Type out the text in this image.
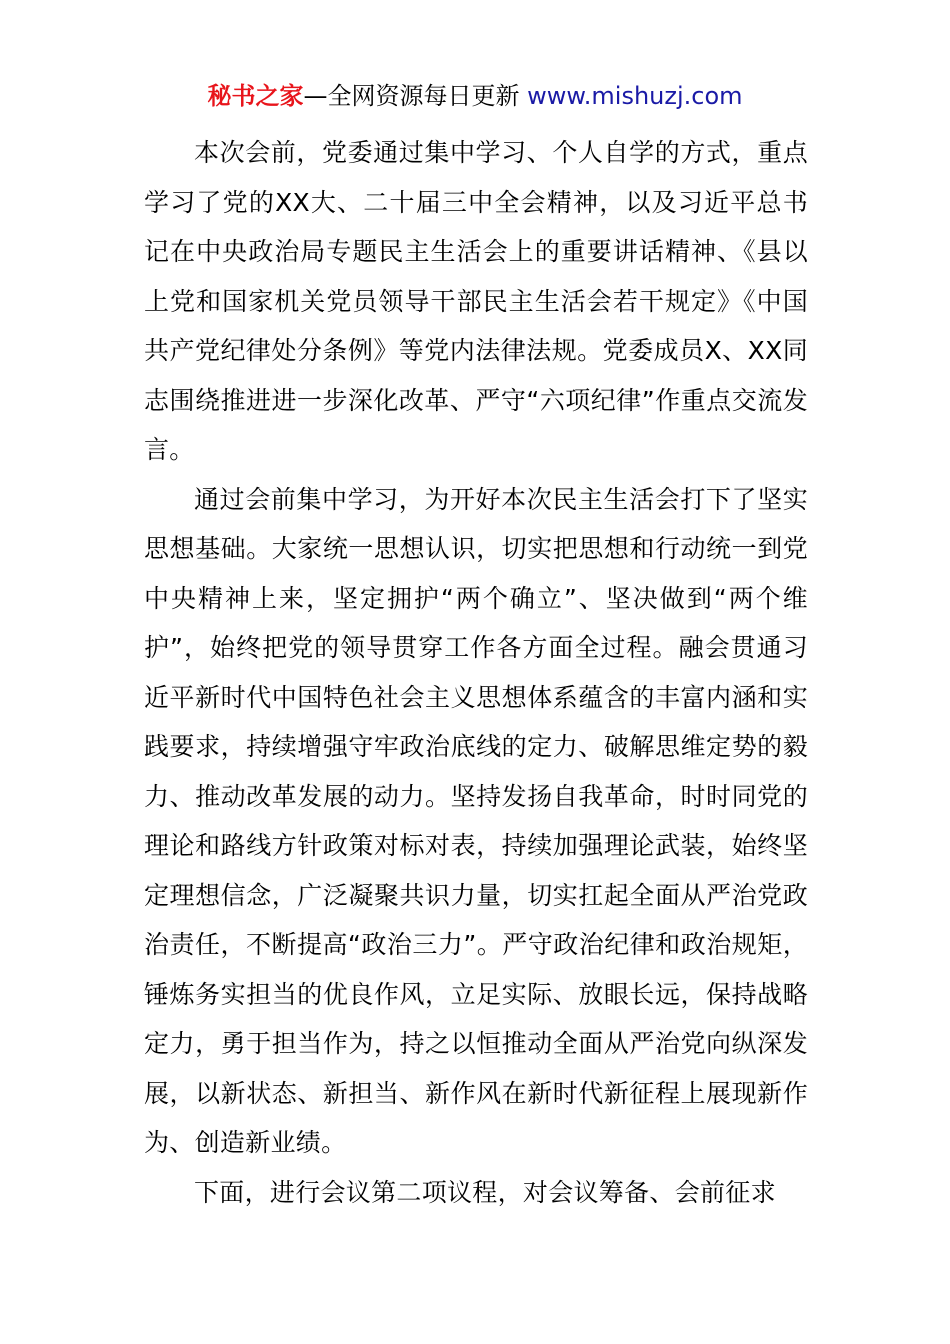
秘书之家—全网资源每日更新 www.mishuzj.com

本次会前，党委通过集中学习、个人自学的方式，重点学习了党的XX大、二十届三中全会精神，以及习近平总书记在中央政治局专题民主生活会上的重要讲话精神、《县以上党和国家机关党员领导干部民主生活会若干规定》《中国共产党纪律处分条例》等党内法律法规。党委成员X、XX同志围绕推进进一步深化改革、严守“六项纪律”作重点交流发言。

通过会前集中学习，为开好本次民主生活会打下了坚实思想基础。大家统一思想认识，切实把思想和行动统一到党中央精神上来，坚定拥护“两个确立”、坚决做到“两个维护”，始终把党的领导贯穿工作各方面全过程。融会贯通习近平新时代中国特色社会主义思想体系蕴含的丰富内涵和实践要求，持续增强守牢政治底线的定力、破解思维定势的毅力、推动改革发展的动力。坚持发扬自我革命，时时同党的理论和路线方针政策对标对表，持续加强理论武装，始终坚定理想信念，广泛凝聚共识力量，切实扛起全面从严治党政治责任，不断提高“政治三力”。严守政治纪律和政治规矩，锤炼务实担当的优良作风，立足实际、放眼长远，保持战略定力，勇于担当作为，持之以恒推动全面从严治党向纵深发展，以新状态、新担当、新作风在新时代新征程上展现新作为、创造新业绩。

下面，进行会议第二项议程，对会议筹备、会前征求
